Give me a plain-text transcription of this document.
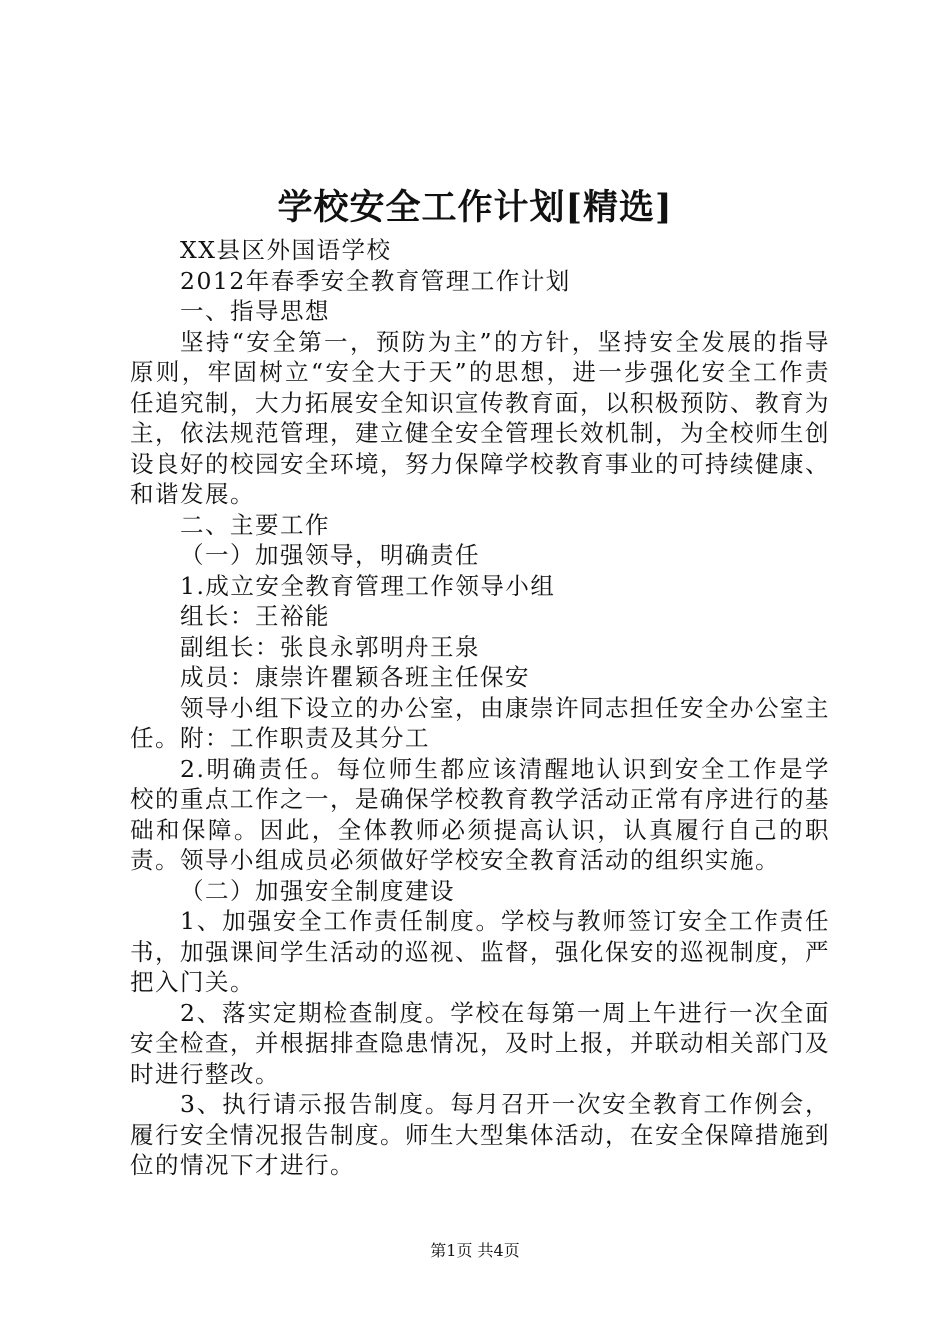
学校安全工作计划[精选]

XX县区外国语学校

2012年春季安全教育管理工作计划

一、指导思想

坚持“安全第一，预防为主”的方针，坚持安全发展的指导原则，牢固树立“安全大于天”的思想，进一步强化安全工作责任追究制，大力拓展安全知识宣传教育面，以积极预防、教育为主，依法规范管理，建立健全安全管理长效机制，为全校师生创设良好的校园安全环境，努力保障学校教育事业的可持续健康、和谐发展。

二、主要工作

（一）加强领导，明确责任

1.成立安全教育管理工作领导小组

组长：王裕能

副组长：张良永郭明舟王泉

成员：康崇许瞿颖各班主任保安

领导小组下设立的办公室，由康崇许同志担任安全办公室主任。附：工作职责及其分工

2.明确责任。每位师生都应该清醒地认识到安全工作是学校的重点工作之一，是确保学校教育教学活动正常有序进行的基础和保障。因此，全体教师必须提高认识，认真履行自己的职责。领导小组成员必须做好学校安全教育活动的组织实施。

（二）加强安全制度建设

1、加强安全工作责任制度。学校与教师签订安全工作责任书，加强课间学生活动的巡视、监督，强化保安的巡视制度，严把入门关。

2、落实定期检查制度。学校在每第一周上午进行一次全面安全检查，并根据排查隐患情况，及时上报，并联动相关部门及时进行整改。

3、执行请示报告制度。每月召开一次安全教育工作例会，履行安全情况报告制度。师生大型集体活动，在安全保障措施到位的情况下才进行。

第1页 共4页
